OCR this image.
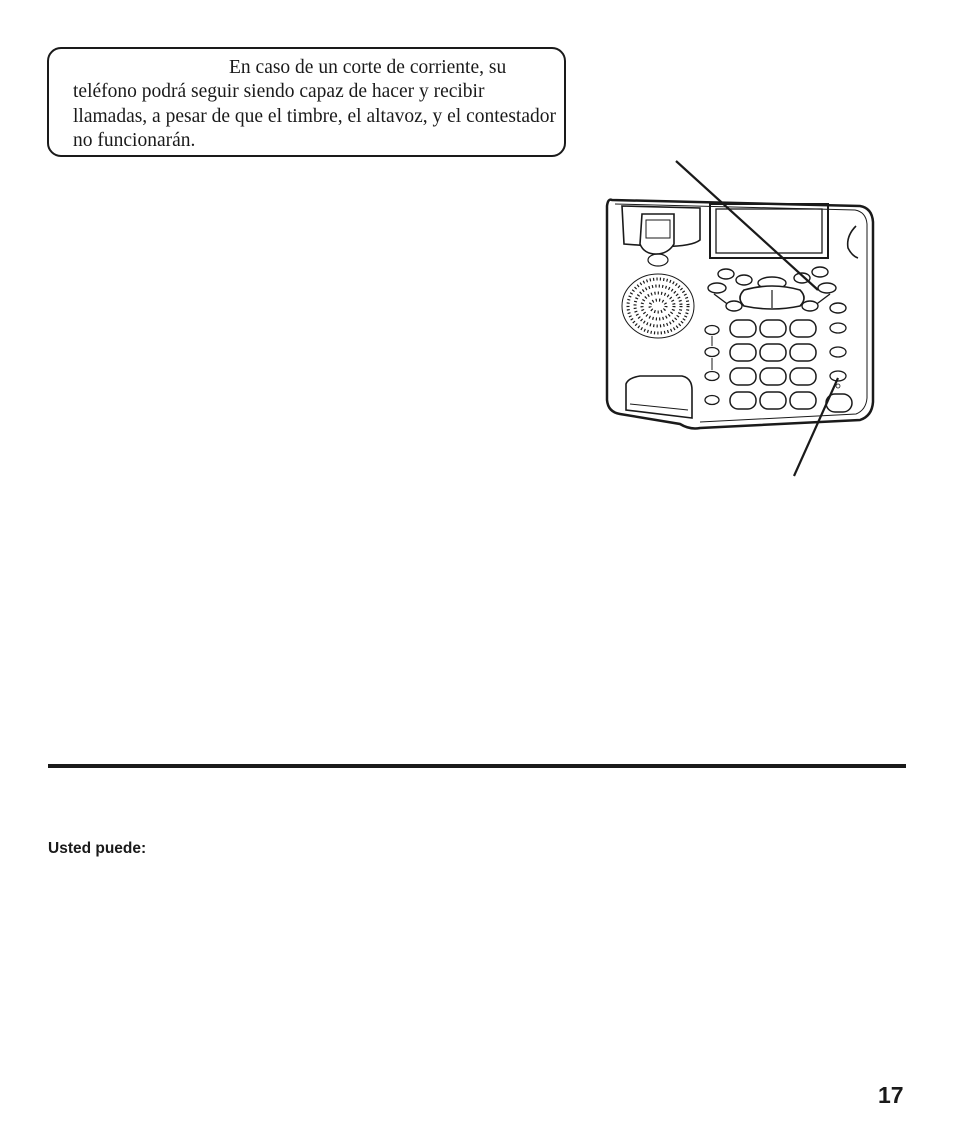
En caso de un corte de corriente, su teléfono podrá seguir siendo capaz de hacer y recibir llamadas, a pesar de que el timbre, el altavoz, y el contestador no funcionarán.
Usted puede:
17
